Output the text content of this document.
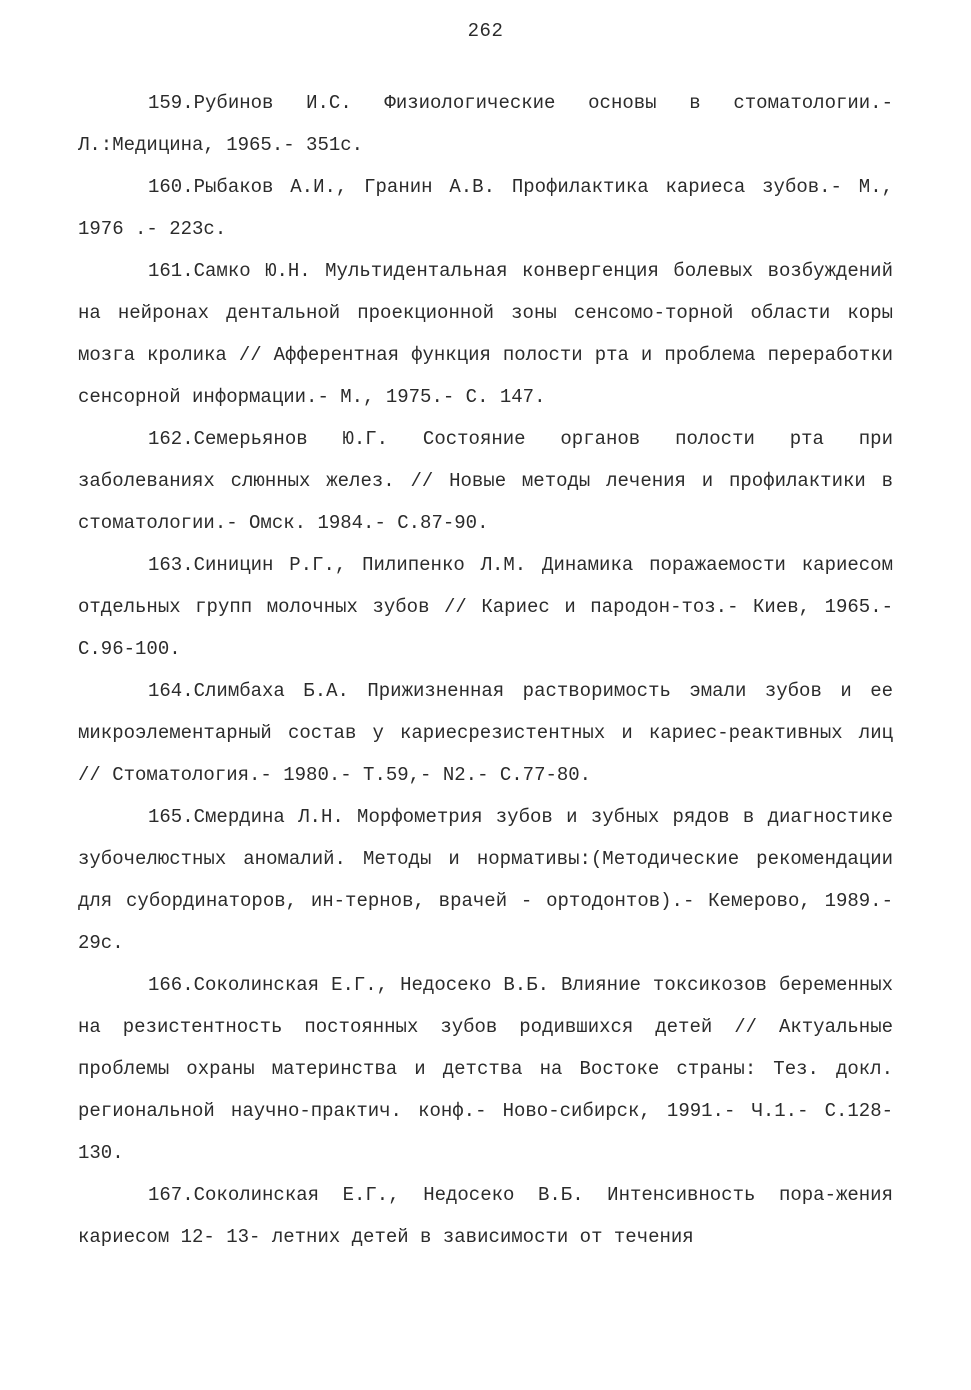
262

159.Рубинов И.С. Физиологические основы в стоматологии.- Л.:Медицина, 1965.- 351с.

160.Рыбаков А.И., Гранин А.В. Профилактика кариеса зубов.- М., 1976 .- 223с.

161.Самко Ю.Н. Мультидентальная конвергенция болевых возбуждений на нейронах дентальной проекционной зоны сенсомо-торной области коры мозга кролика // Афферентная функция полости рта и проблема переработки сенсорной информации.- М., 1975.- С. 147.

162.Семерьянов Ю.Г. Состояние органов полости рта при заболеваниях слюнных желез. // Новые методы лечения и профилактики в стоматологии.- Омск. 1984.- С.87-90.

163.Синицин Р.Г., Пилипенко Л.М. Динамика поражаемости кариесом отдельных групп молочных зубов // Кариес и пародон-тоз.- Киев, 1965.- С.96-100.

164.Слимбаха Б.А. Прижизненная растворимость эмали зубов и ее микроэлементарный состав у кариесрезистентных и кариес-реактивных лиц // Стоматология.- 1980.- Т.59,- N2.- С.77-80.

165.Смердина Л.Н. Морфометрия зубов и зубных рядов в диагностике зубочелюстных аномалий. Методы и нормативы:(Методические рекомендации для субординаторов, ин-тернов, врачей - ортодонтов).- Кемерово, 1989.- 29с.

166.Соколинская Е.Г., Недосеко В.Б. Влияние токсикозов беременных на резистентность постоянных зубов родившихся детей // Актуальные проблемы охраны материнства и детства на Востоке страны: Тез. докл. региональной научно-практич. конф.- Ново-сибирск, 1991.- Ч.1.- С.128-130.

167.Соколинская Е.Г., Недосеко В.Б. Интенсивность пора-жения кариесом 12- 13- летних детей в зависимости от течения
